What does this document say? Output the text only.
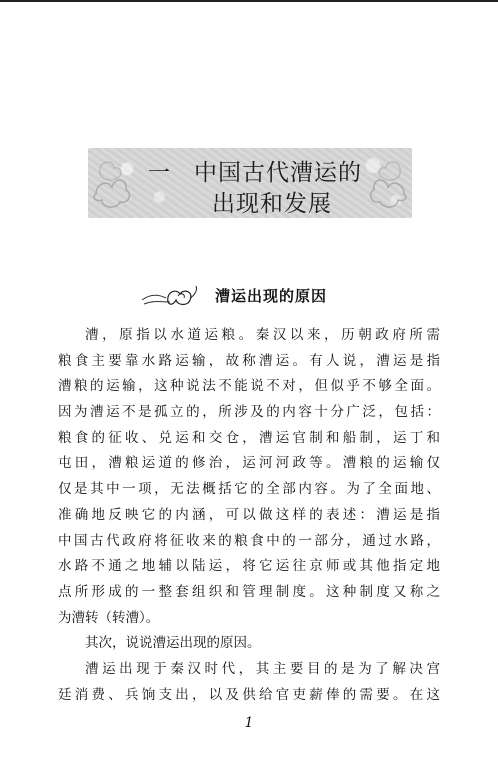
一 中国古代漕运的
出现和发展
漕运出现的原因
漕，原指以水道运粮。秦汉以来，历朝政府所需
粮食主要靠水路运输，故称漕运。有人说，漕运是指
漕粮的运输，这种说法不能说不对，但似乎不够全面。
因为漕运不是孤立的，所涉及的内容十分广泛，包括：
粮食的征收、兑运和交仓，漕运官制和船制，运丁和
屯田，漕粮运道的修治，运河河政等。漕粮的运输仅
仅是其中一项，无法概括它的全部内容。为了全面地、
准确地反映它的内涵，可以做这样的表述：漕运是指
中国古代政府将征收来的粮食中的一部分，通过水路，
水路不通之地辅以陆运，将它运往京师或其他指定地
点所形成的一整套组织和管理制度。这种制度又称之
为漕转（转漕）。
其次，说说漕运出现的原因。
漕运出现于秦汉时代，其主要目的是为了解决宫
廷消费、兵饷支出，以及供给官吏薪俸的需要。在这
1
